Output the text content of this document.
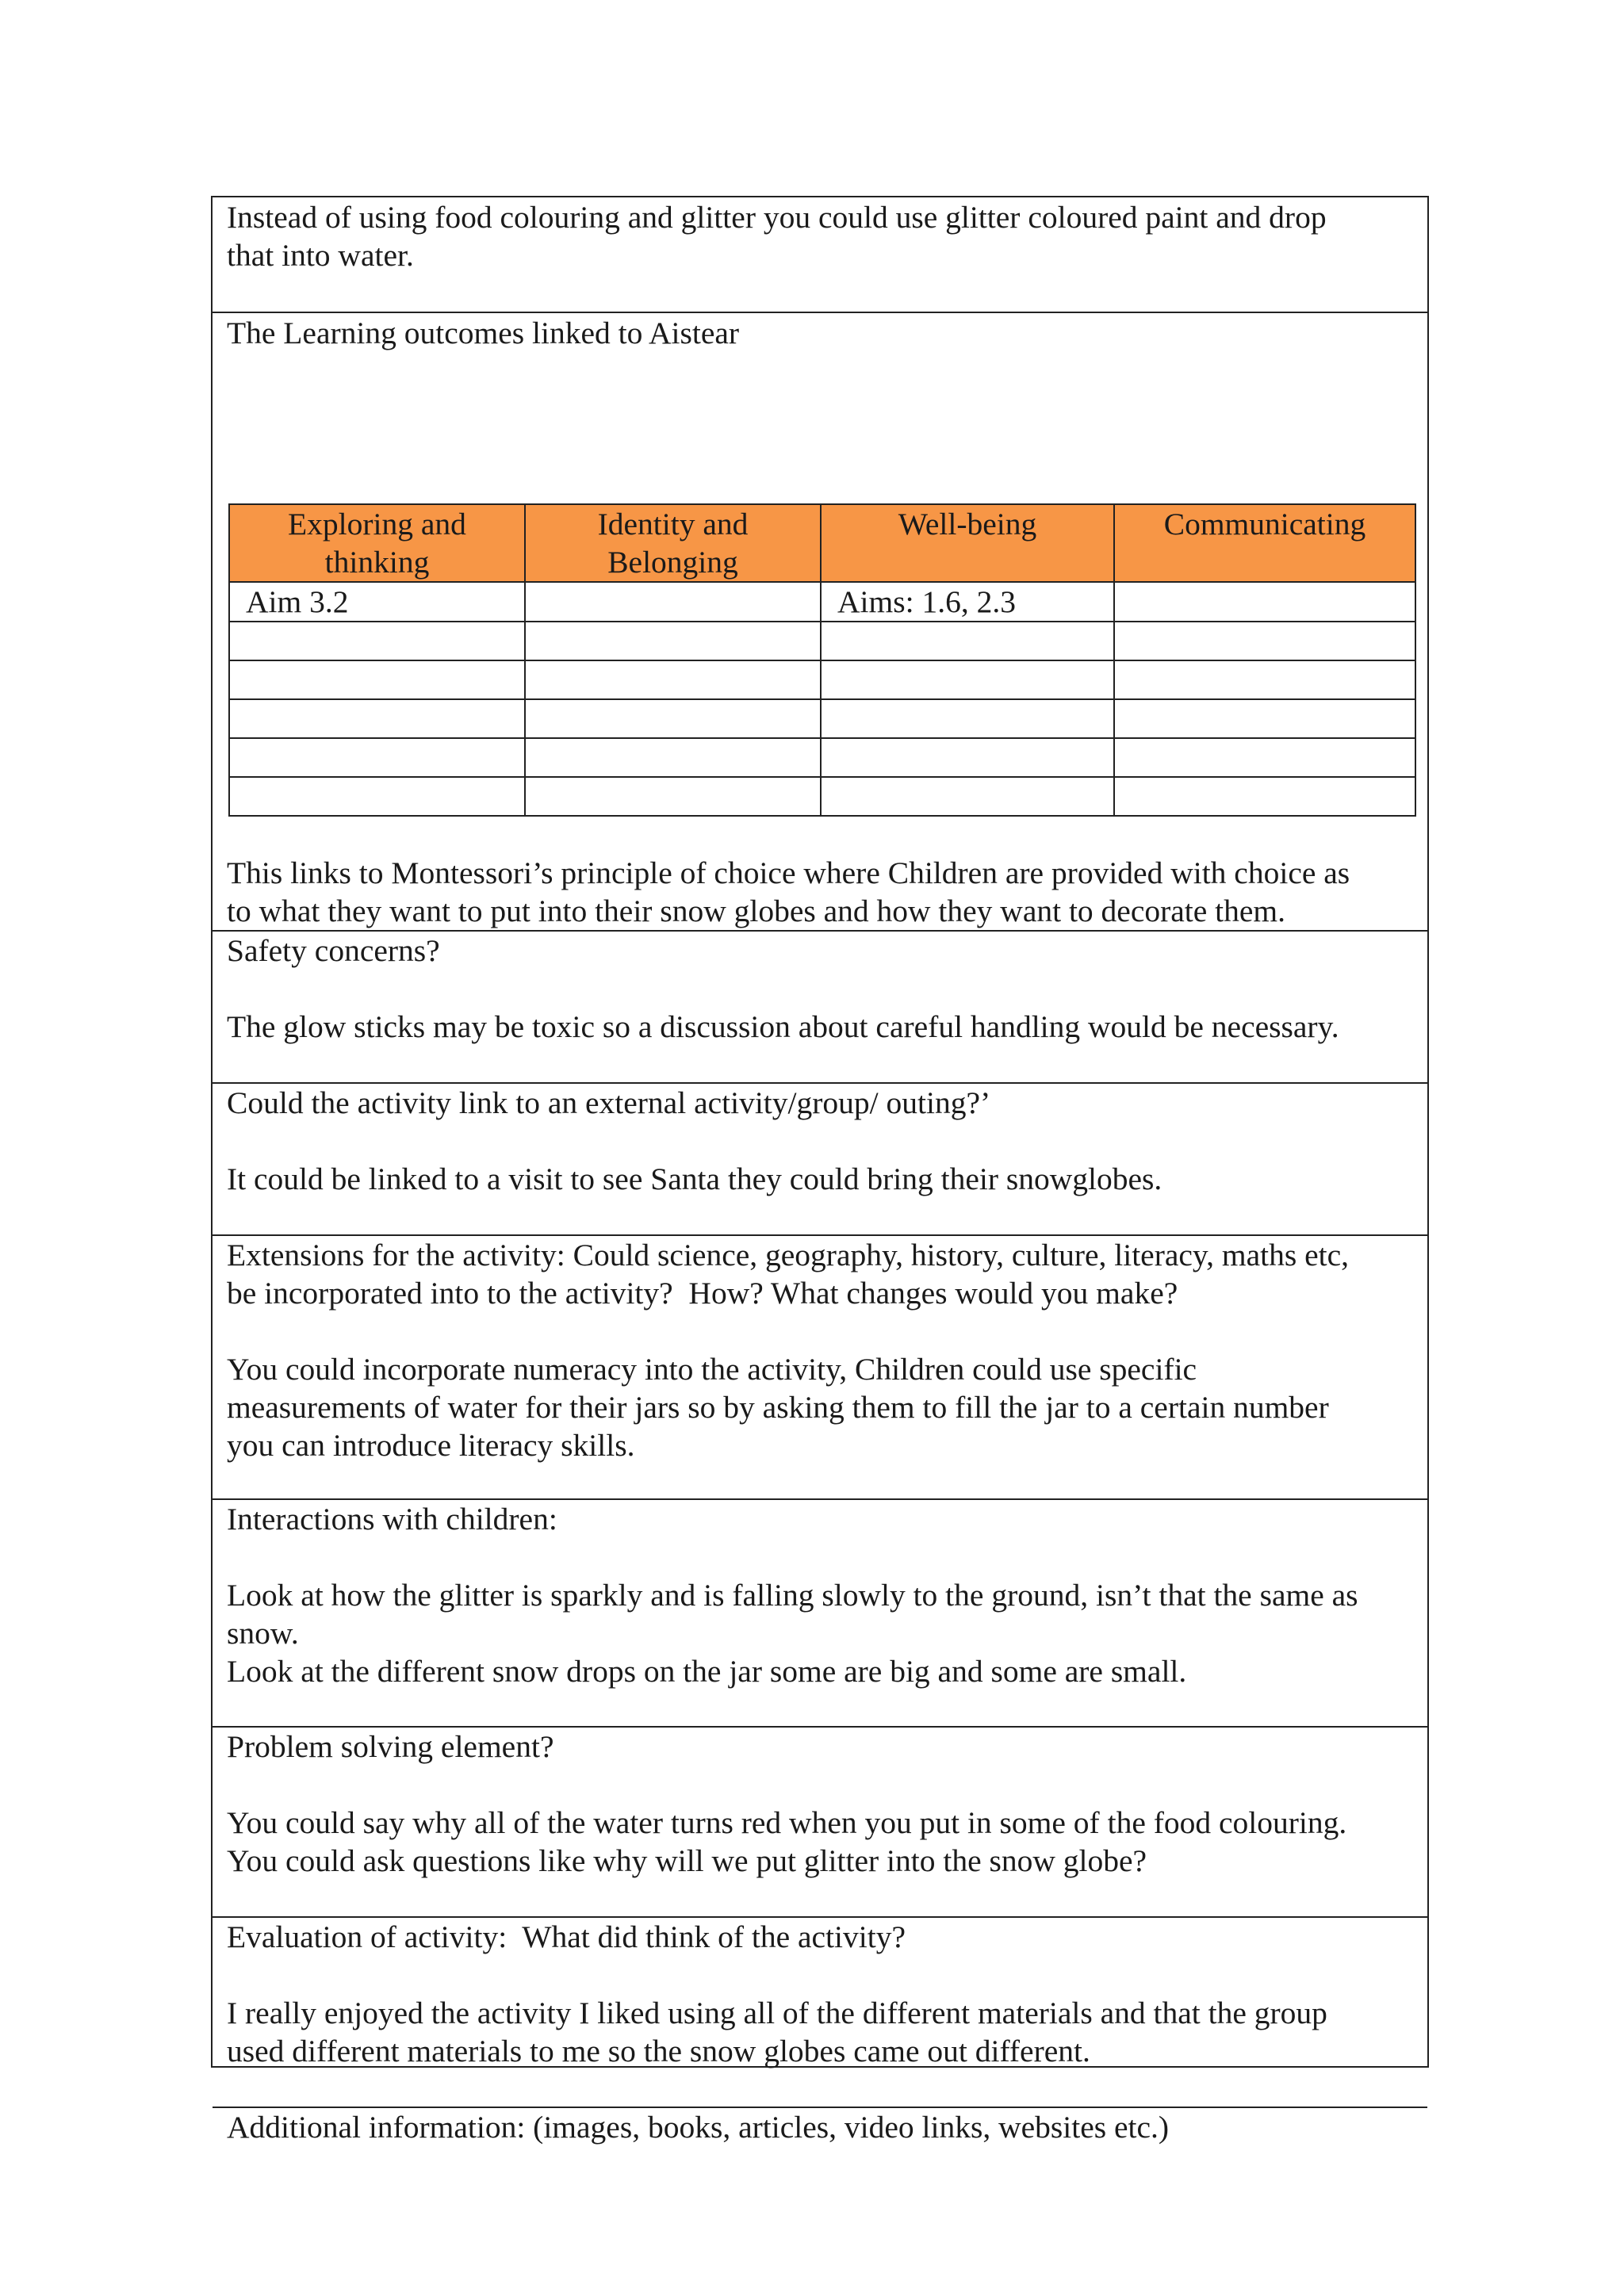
Instead of using food colouring and glitter you could use glitter coloured paint and drop
that into water.

The Learning outcomes linked to Aistear

Exploring and
thinking	Identity and
Belonging	Well-being	Communicating
Aim 3.2		Aims: 1.6, 2.3	

This links to Montessori’s principle of choice where Children are provided with choice as
to what they want to put into their snow globes and how they want to decorate them.

Safety concerns?

The glow sticks may be toxic so a discussion about careful handling would be necessary.

Could the activity link to an external activity/group/ outing?’

It could be linked to a visit to see Santa they could bring their snowglobes.

Extensions for the activity: Could science, geography, history, culture, literacy, maths etc,
be incorporated into to the activity?  How? What changes would you make?

You could incorporate numeracy into the activity, Children could use specific
measurements of water for their jars so by asking them to fill the jar to a certain number
you can introduce literacy skills.

Interactions with children:

Look at how the glitter is sparkly and is falling slowly to the ground, isn’t that the same as
snow.
Look at the different snow drops on the jar some are big and some are small.

Problem solving element?

You could say why all of the water turns red when you put in some of the food colouring.
You could ask questions like why will we put glitter into the snow globe?

Evaluation of activity:  What did think of the activity?

I really enjoyed the activity I liked using all of the different materials and that the group
used different materials to me so the snow globes came out different.

Additional information: (images, books, articles, video links, websites etc.)
